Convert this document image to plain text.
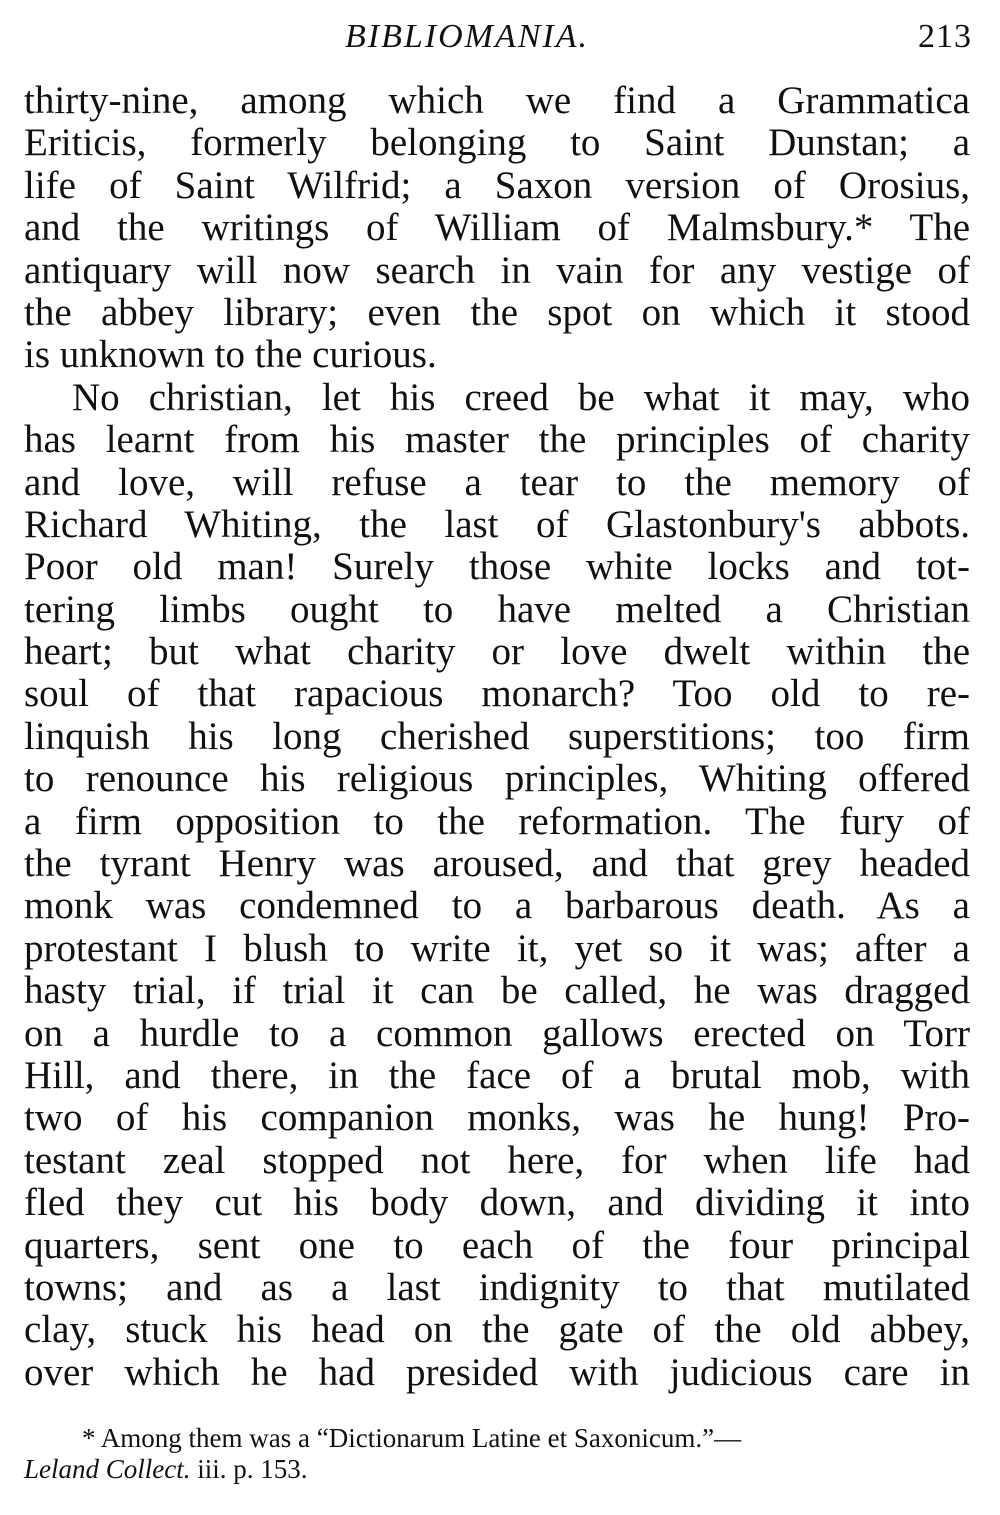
BIBLIOMANIA.	213
thirty-nine, among which we find a Grammatica
Eriticis, formerly belonging to Saint Dunstan; a
life of Saint Wilfrid; a Saxon version of Orosius,
and the writings of William of Malmsbury.* The
antiquary will now search in vain for any vestige of
the abbey library; even the spot on which it stood
is unknown to the curious.
No christian, let his creed be what it may, who
has learnt from his master the principles of charity
and love, will refuse a tear to the memory of
Richard Whiting, the last of Glastonbury's abbots.
Poor old man! Surely those white locks and tot-
tering limbs ought to have melted a Christian
heart; but what charity or love dwelt within the
soul of that rapacious monarch? Too old to re-
linquish his long cherished superstitions; too firm
to renounce his religious principles, Whiting offered
a firm opposition to the reformation. The fury of
the tyrant Henry was aroused, and that grey headed
monk was condemned to a barbarous death. As a
protestant I blush to write it, yet so it was; after a
hasty trial, if trial it can be called, he was dragged
on a hurdle to a common gallows erected on Torr
Hill, and there, in the face of a brutal mob, with
two of his companion monks, was he hung! Pro-
testant zeal stopped not here, for when life had
fled they cut his body down, and dividing it into
quarters, sent one to each of the four principal
towns; and as a last indignity to that mutilated
clay, stuck his head on the gate of the old abbey,
over which he had presided with judicious care in
* Among them was a “Dictionarum Latine et Saxonicum.”—
Leland Collect. iii. p. 153.
